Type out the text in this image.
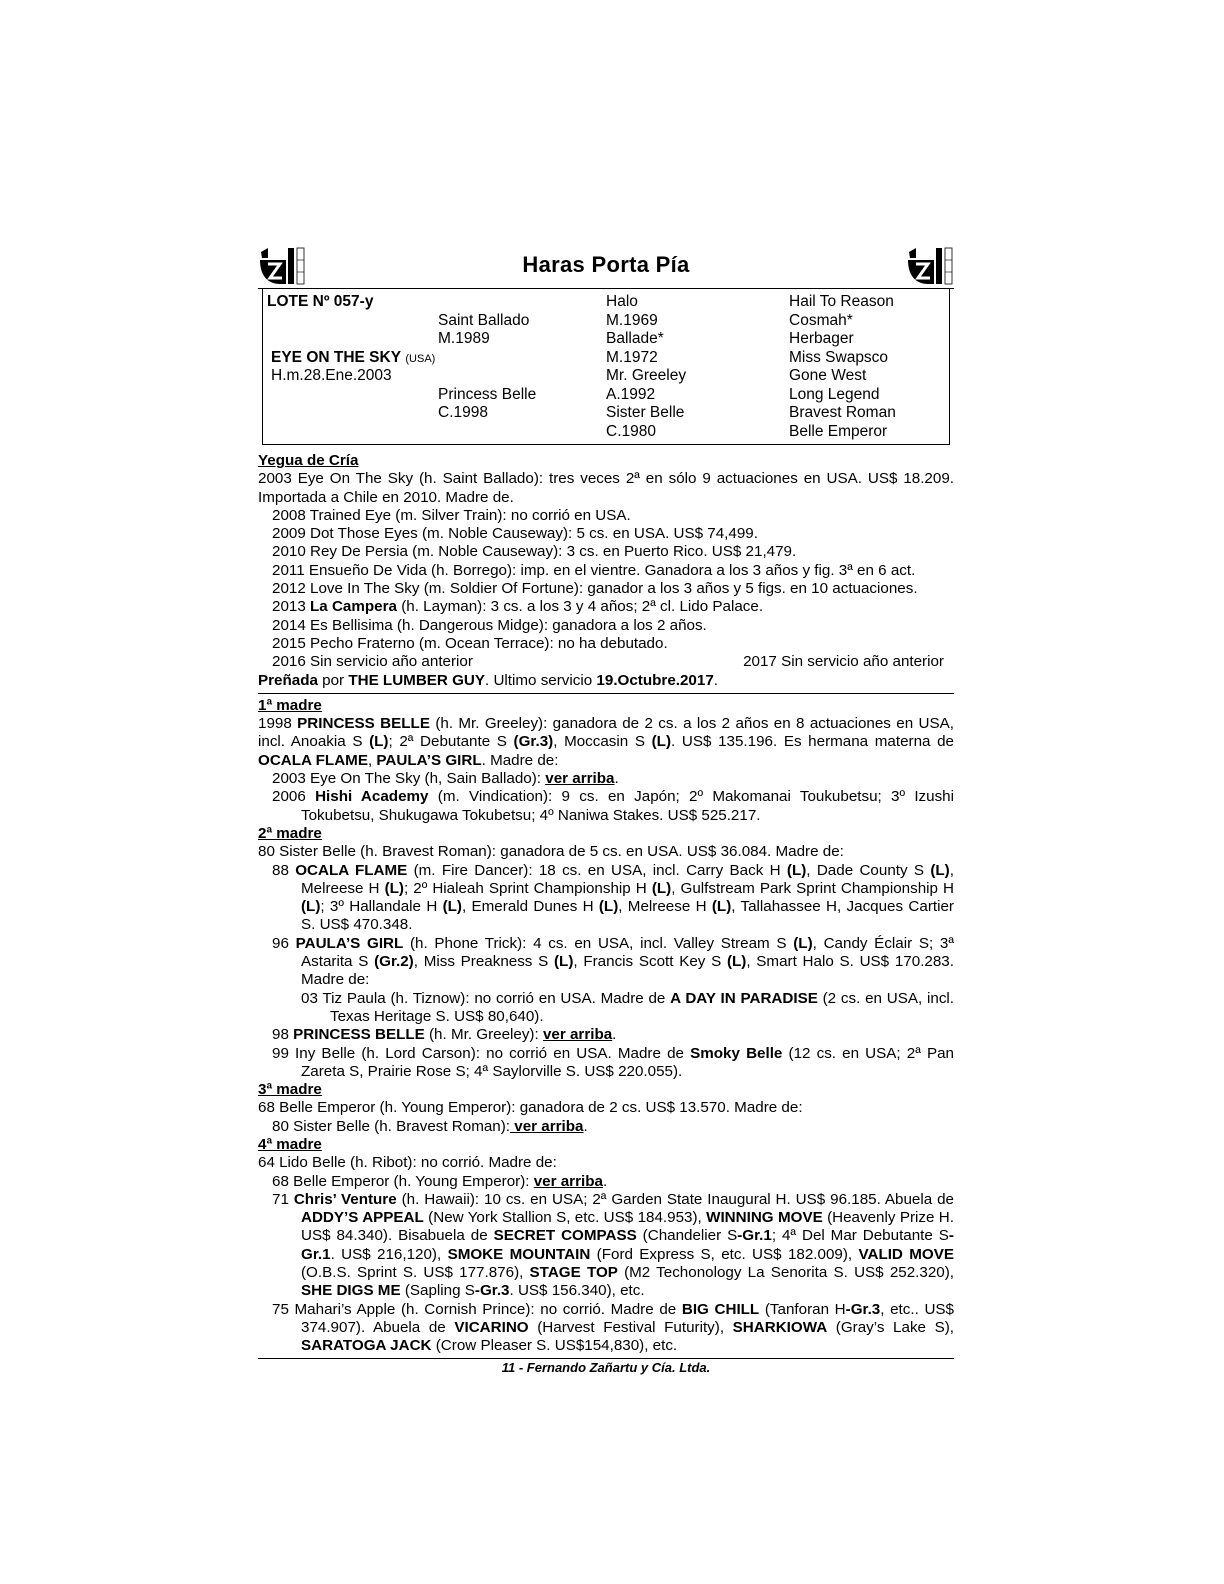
Haras Porta Pía
LOTE Nº 057-y
Saint Ballado
M.1989
EYE ON THE SKY (USA)
H.m.28.Ene.2003
Princess Belle
C.1998
Halo
M.1969
Ballade*
M.1972
Mr. Greeley
A.1992
Sister Belle
C.1980
Hail To Reason
Cosmah*
Herbager
Miss Swapsco
Gone West
Long Legend
Bravest Roman
Belle Emperor

Yegua de Cría

2003 Eye On The Sky (h. Saint Ballado): tres veces 2ª en sólo 9 actuaciones en USA. US$ 18.209. Importada a Chile en 2010. Madre de.

2008 Trained Eye (m. Silver Train): no corrió en USA.

2009 Dot Those Eyes (m. Noble Causeway): 5 cs. en USA. US$ 74,499.

2010 Rey De Persia (m. Noble Causeway): 3 cs. en Puerto Rico. US$ 21,479.

2011 Ensueño De Vida (h. Borrego): imp. en el vientre. Ganadora a los 3 años y fig. 3ª en 6 act.

2012 Love In The Sky (m. Soldier Of Fortune): ganador a los 3 años y 5 figs. en 10 actuaciones.

2013 La Campera (h. Layman): 3 cs. a los 3 y 4 años; 2ª cl. Lido Palace.

2014 Es Bellisima (h. Dangerous Midge): ganadora a los 2 años.

2015 Pecho Fraterno (m. Ocean Terrace): no ha debutado.

2016 Sin servicio año anterior	2017 Sin servicio año anterior

Preñada por THE LUMBER GUY. Ultimo servicio 19.Octubre.2017.

1ª madre

1998 PRINCESS BELLE (h. Mr. Greeley): ganadora de 2 cs. a los 2 años en 8 actuaciones en USA, incl. Anoakia S (L); 2ª Debutante S (Gr.3), Moccasin S (L). US$ 135.196. Es hermana materna de OCALA FLAME, PAULA’S GIRL. Madre de:

2003 Eye On The Sky (h, Sain Ballado): ver arriba.

2006 Hishi Academy (m. Vindication): 9 cs. en Japón; 2º Makomanai Toukubetsu; 3º Izushi Tokubetsu, Shukugawa Tokubetsu; 4º Naniwa Stakes. US$ 525.217.

2ª madre

80 Sister Belle (h. Bravest Roman): ganadora de 5 cs. en USA. US$ 36.084. Madre de:

88 OCALA FLAME (m. Fire Dancer): 18 cs. en USA, incl. Carry Back H (L), Dade County S (L), Melreese H (L); 2º Hialeah Sprint Championship H (L), Gulfstream Park Sprint Championship H (L); 3º Hallandale H (L), Emerald Dunes H (L), Melreese H (L), Tallahassee H, Jacques Cartier S. US$ 470.348.

96 PAULA’S GIRL (h. Phone Trick): 4 cs. en USA, incl. Valley Stream S (L), Candy Éclair S; 3ª Astarita S (Gr.2), Miss Preakness S (L), Francis Scott Key S (L), Smart Halo S. US$ 170.283. Madre de:

03 Tiz Paula (h. Tiznow): no corrió en USA. Madre de A DAY IN PARADISE (2 cs. en USA, incl. Texas Heritage S. US$ 80,640).

98 PRINCESS BELLE (h. Mr. Greeley): ver arriba.

99 Iny Belle (h. Lord Carson): no corrió en USA. Madre de Smoky Belle (12 cs. en USA; 2ª Pan Zareta S, Prairie Rose S; 4ª Saylorville S. US$ 220.055).

3ª madre

68 Belle Emperor (h. Young Emperor): ganadora de 2 cs. US$ 13.570. Madre de:

80 Sister Belle (h. Bravest Roman): ver arriba.

4ª madre

64 Lido Belle (h. Ribot): no corrió. Madre de:

68 Belle Emperor (h. Young Emperor): ver arriba.

71 Chris’ Venture (h. Hawaii): 10 cs. en USA; 2ª Garden State Inaugural H. US$ 96.185. Abuela de ADDY’S APPEAL (New York Stallion S, etc. US$ 184.953), WINNING MOVE (Heavenly Prize H. US$ 84.340). Bisabuela de SECRET COMPASS (Chandelier S-Gr.1; 4ª Del Mar Debutante S-Gr.1. US$ 216,120), SMOKE MOUNTAIN (Ford Express S, etc. US$ 182.009), VALID MOVE (O.B.S. Sprint S. US$ 177.876), STAGE TOP (M2 Techonology La Senorita S. US$ 252.320), SHE DIGS ME (Sapling S-Gr.3. US$ 156.340), etc.

75 Mahari’s Apple (h. Cornish Prince): no corrió. Madre de BIG CHILL (Tanforan H-Gr.3, etc.. US$ 374.907). Abuela de VICARINO (Harvest Festival Futurity), SHARKIOWA (Gray’s Lake S), SARATOGA JACK (Crow Pleaser S. US$154,830), etc.

11 - Fernando Zañartu y Cía. Ltda.
